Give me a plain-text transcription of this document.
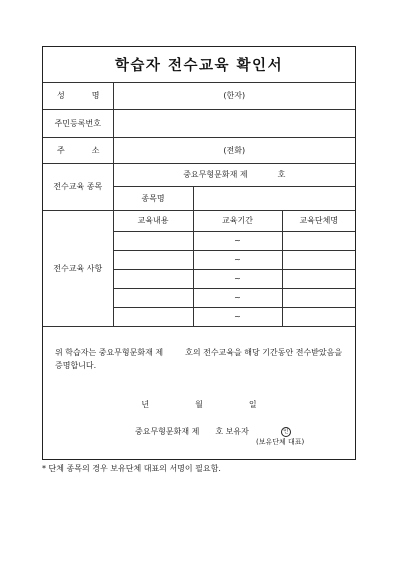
학습자 전수교육 확인서
성 명	(한자)		
주민등록번호			

주 소	(전화)		
전수교육 종목	중요무형문화재 제 호		
	종목명		
전수교육 사항	교육내용	교육기간	교육단체명
		~	
		~	
		~	
		~	
		~	

위 학습자는 중요무형문화재 제	호의 전수교육을 해당 기간동안 전수받았음을

증명합니다.

년	월	일
중요무형문화재 제 호 보유자	인
(보유단체 대표)
* 단체 종목의 경우 보유단체 대표의 서명이 필요함.
